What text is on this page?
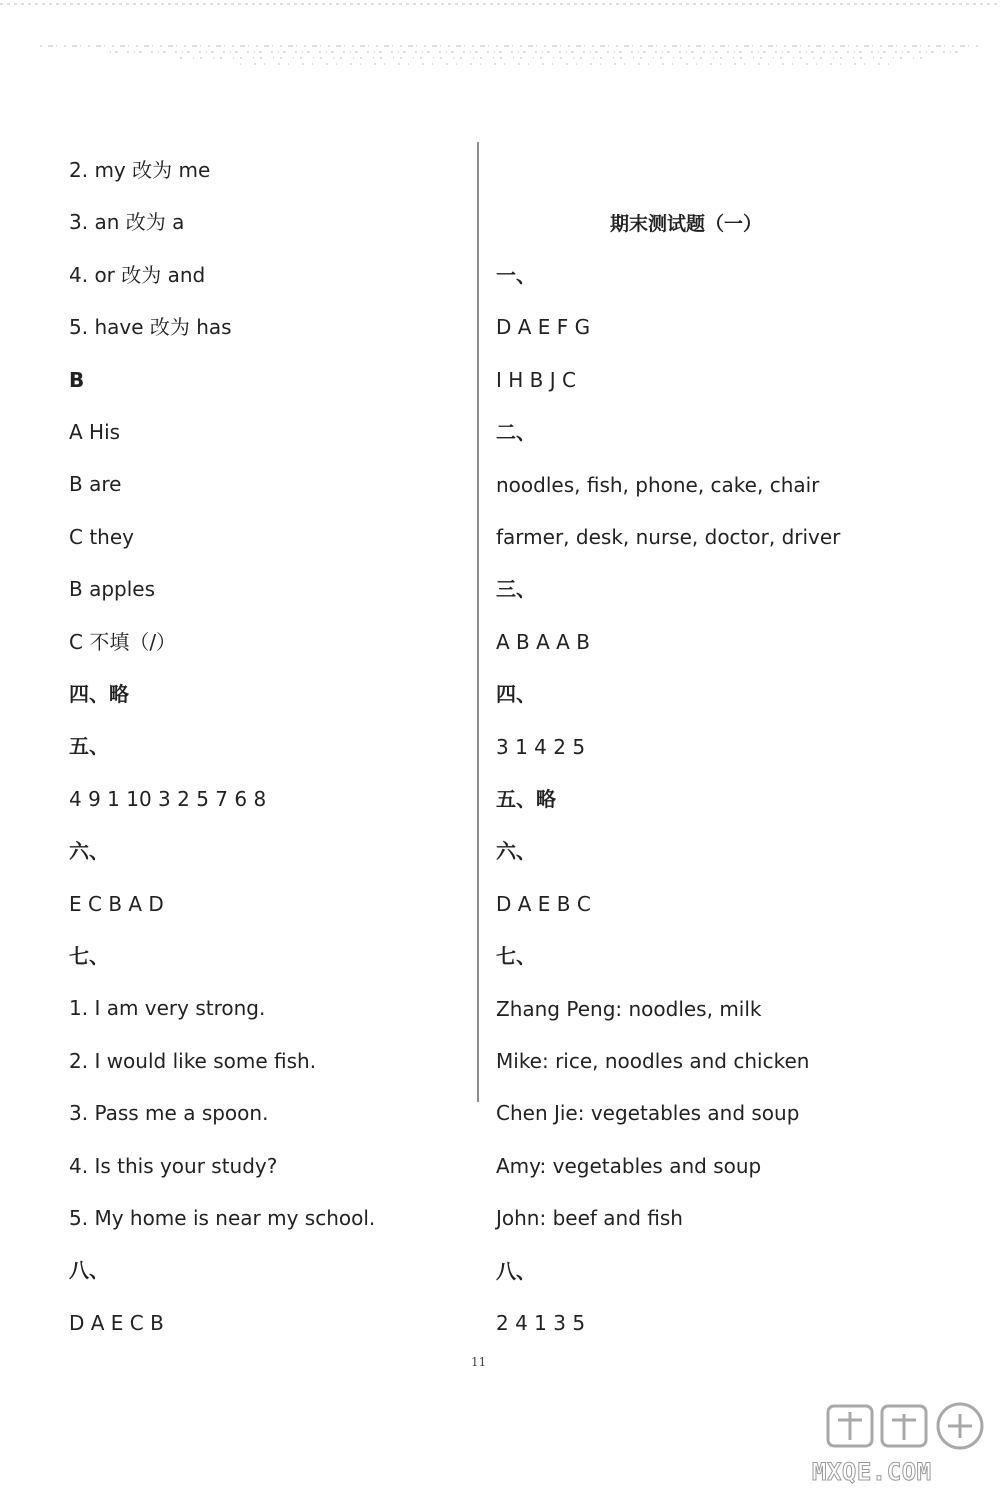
2. my 改为 me
3. an 改为 a
4. or 改为 and
5. have 改为 has
B
A His
B are
C they
B apples
C 不填（/）
四、略
五、
4 9 1 10 3 2 5 7 6 8
六、
E C B A D
七、
1. I am very strong.
2. I would like some fish.
3. Pass me a spoon.
4. Is this your study?
5. My home is near my school.
八、
D A E C B
期末测试题（一）
一、
D A E F G
I H B J C
二、
noodles, fish, phone, cake, chair
farmer, desk, nurse, doctor, driver
三、
A B A A B
四、
3 1 4 2 5
五、略
六、
D A E B C
七、
Zhang Peng: noodles, milk
Mike: rice, noodles and chicken
Chen Jie: vegetables and soup
Amy: vegetables and soup
John: beef and fish
八、
2 4 1 3 5
11
MXQE.COM
